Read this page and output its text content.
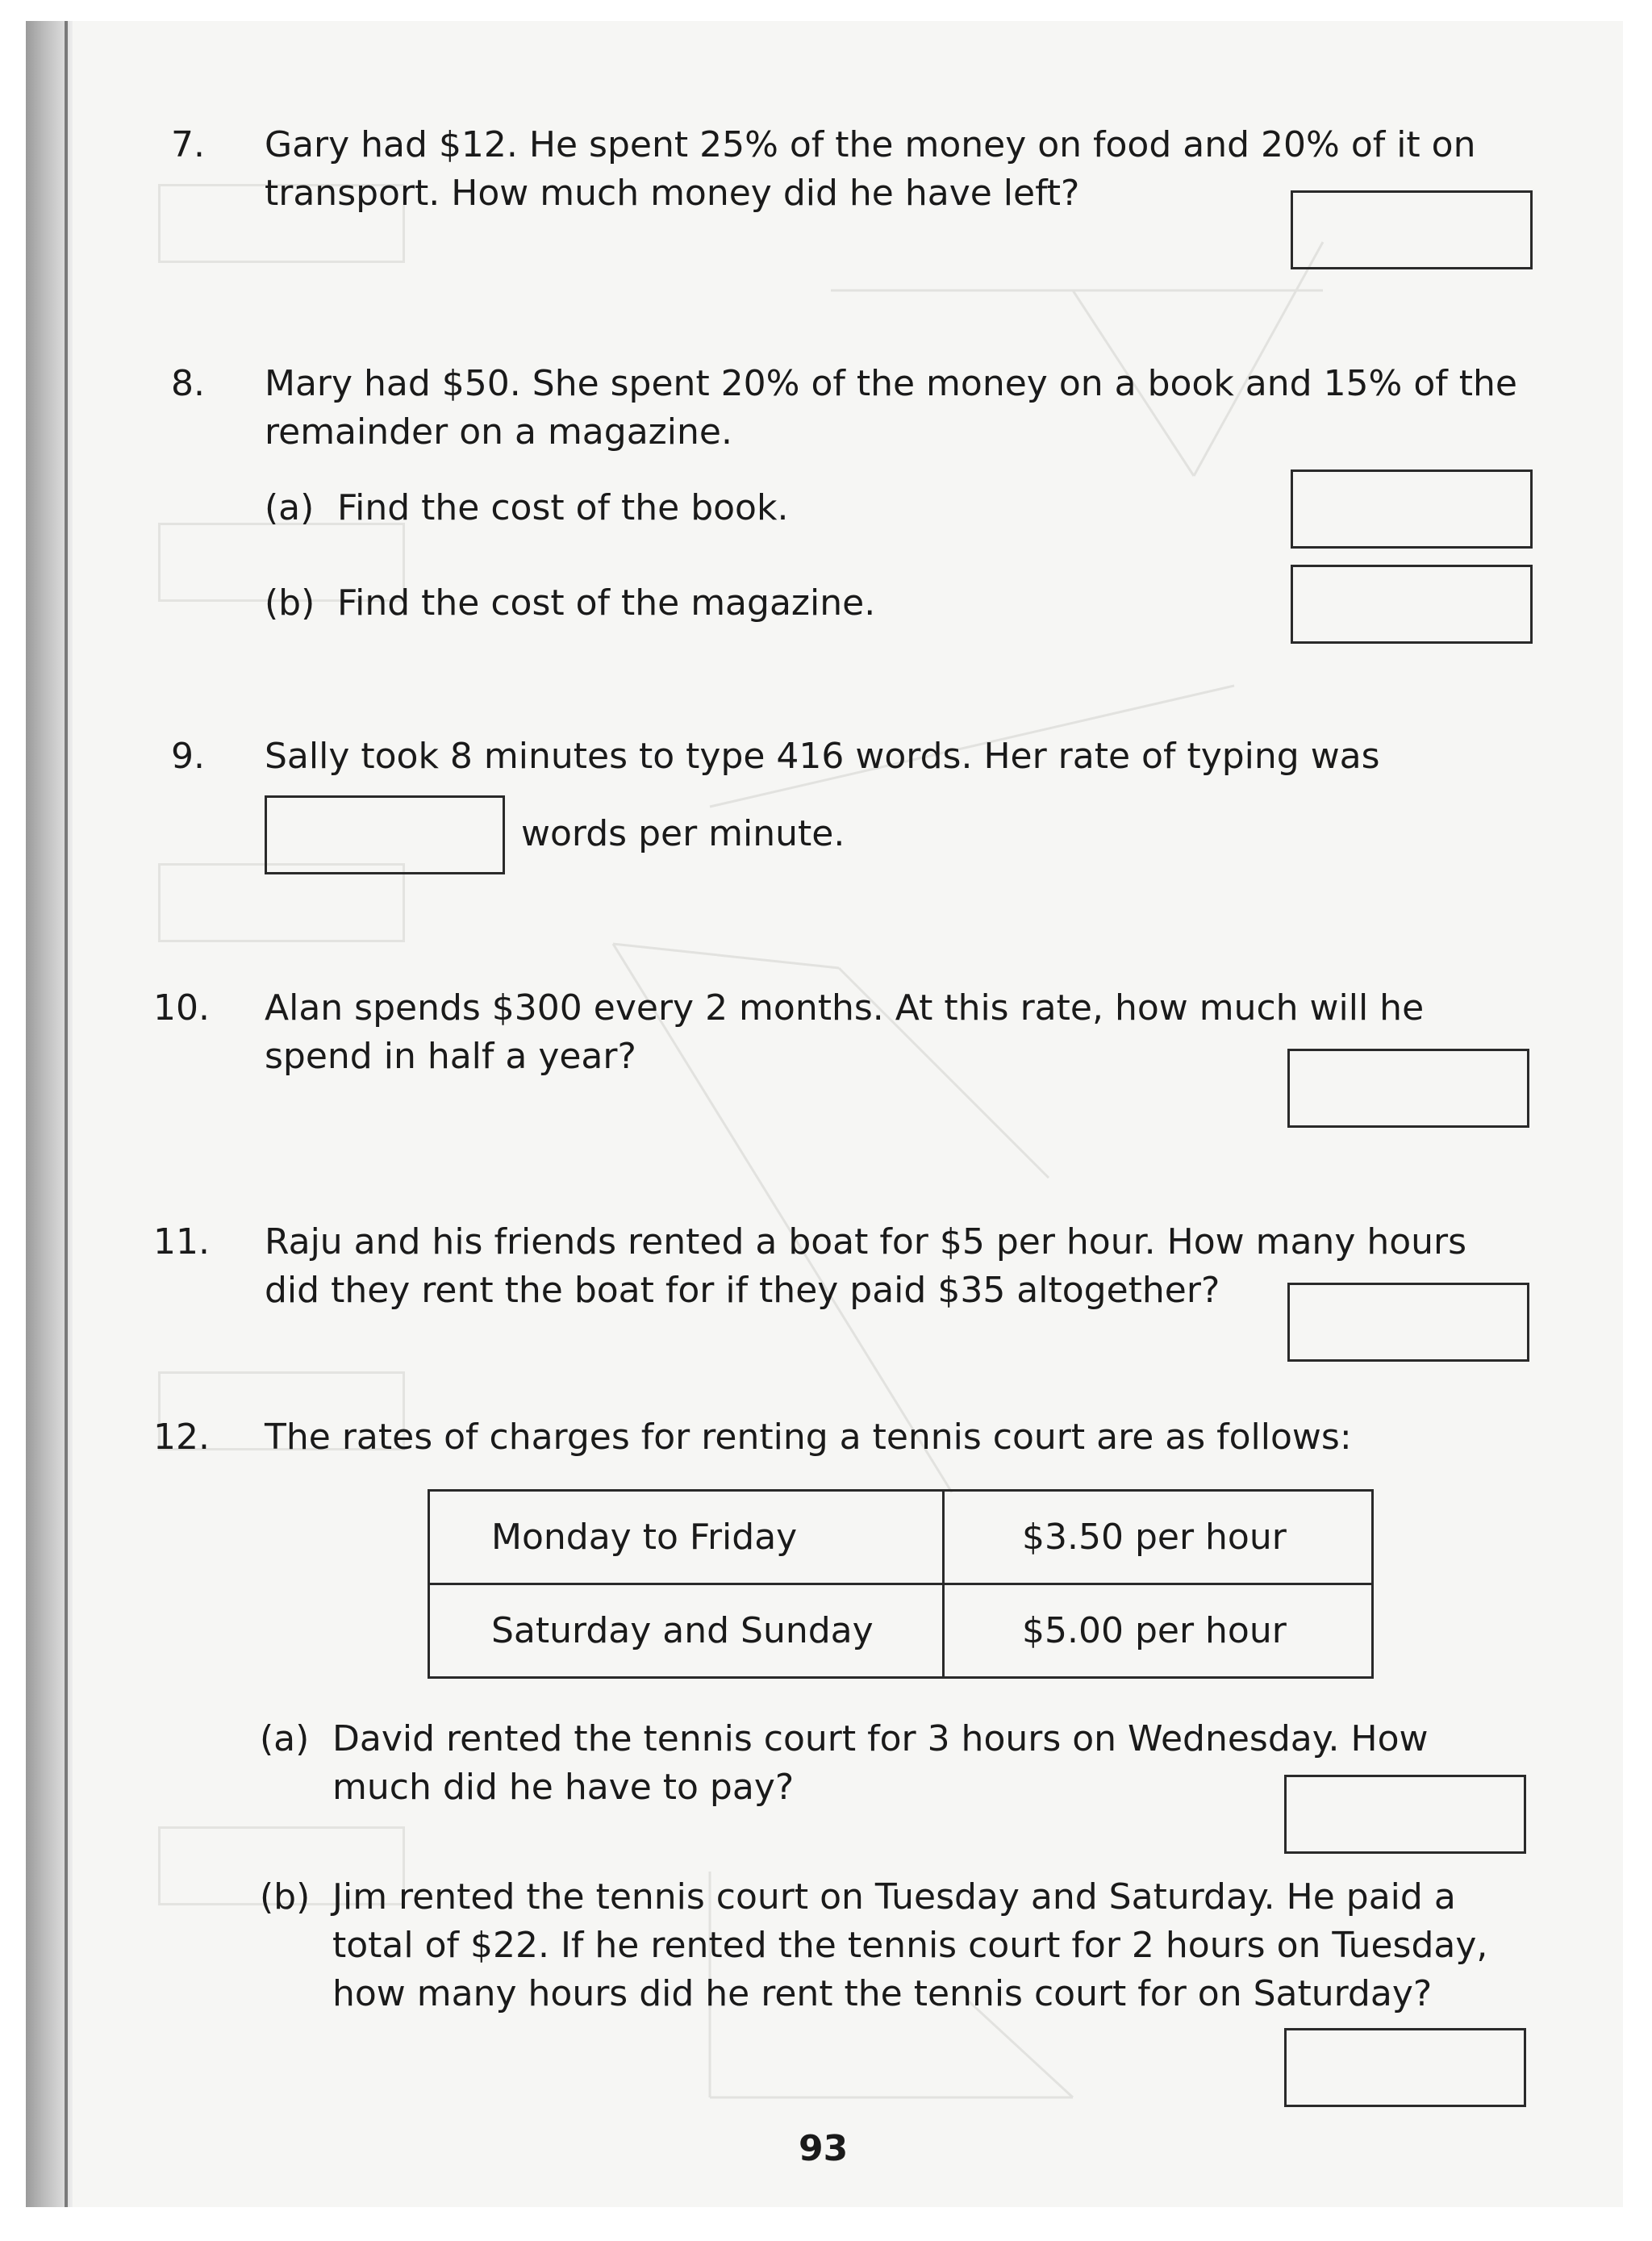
7. Gary had $12. He spent 25% of the money on food and 20% of it on
transport. How much money did he have left?
8. Mary had $50. She spent 20% of the money on a book and 15% of the
remainder on a magazine.
(a) Find the cost of the book.
(b) Find the cost of the magazine.
9. Sally took 8 minutes to type 416 words. Her rate of typing was
words per minute.
10. Alan spends $300 every 2 months. At this rate, how much will he
spend in half a year?
11. Raju and his friends rented a boat for $5 per hour. How many hours
did they rent the boat for if they paid $35 altogether?
12. The rates of charges for renting a tennis court are as follows:
Monday to Friday	$3.50 per hour
Saturday and Sunday	$5.00 per hour
(a) David rented the tennis court for 3 hours on Wednesday. How
much did he have to pay?
(b) Jim rented the tennis court on Tuesday and Saturday. He paid a
total of $22. If he rented the tennis court for 2 hours on Tuesday,
how many hours did he rent the tennis court for on Saturday?
93
